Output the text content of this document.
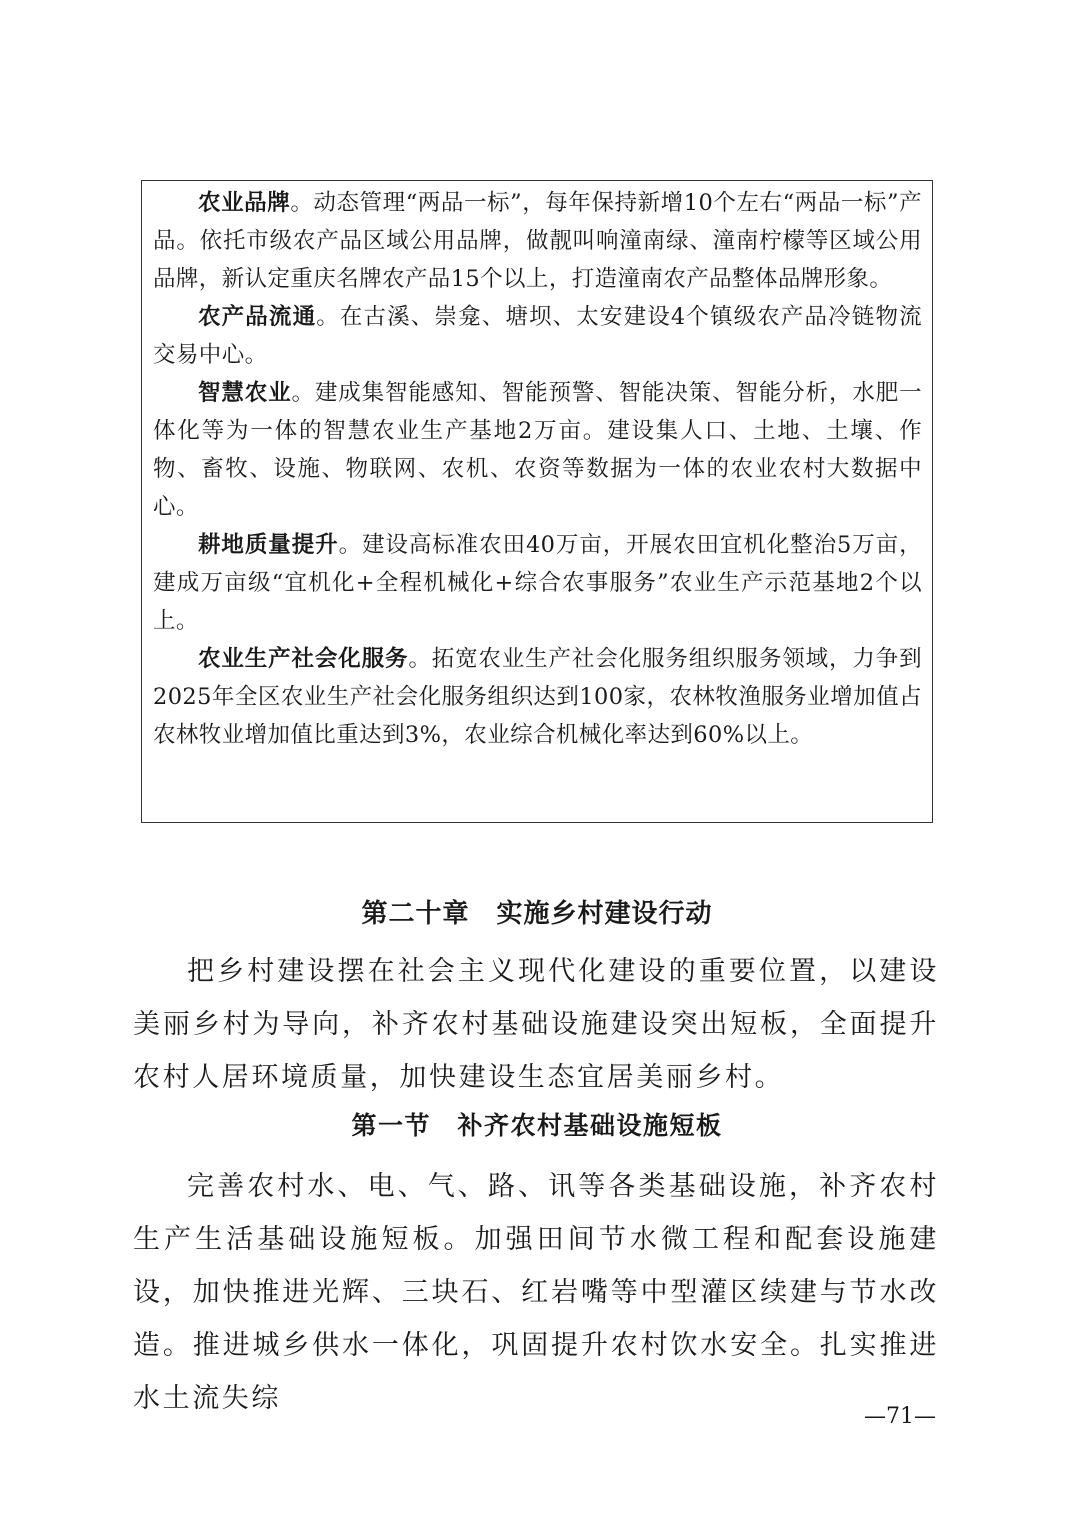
农业品牌。动态管理“两品一标”，每年保持新增10个左右“两品一标”产品。依托市级农产品区域公用品牌，做靓叫响潼南绿、潼南柠檬等区域公用品牌，新认定重庆名牌农产品15个以上，打造潼南农产品整体品牌形象。

农产品流通。在古溪、崇龛、塘坝、太安建设4个镇级农产品冷链物流交易中心。

智慧农业。建成集智能感知、智能预警、智能决策、智能分析，水肥一体化等为一体的智慧农业生产基地2万亩。建设集人口、土地、土壤、作物、畜牧、设施、物联网、农机、农资等数据为一体的农业农村大数据中心。

耕地质量提升。建设高标准农田40万亩，开展农田宜机化整治5万亩，建成万亩级“宜机化+全程机械化+综合农事服务”农业生产示范基地2个以上。

农业生产社会化服务。拓宽农业生产社会化服务组织服务领域，力争到2025年全区农业生产社会化服务组织达到100家，农林牧渔服务业增加值占农林牧业增加值比重达到3%，农业综合机械化率达到60%以上。

第二十章　实施乡村建设行动

把乡村建设摆在社会主义现代化建设的重要位置，以建设美丽乡村为导向，补齐农村基础设施建设突出短板，全面提升农村人居环境质量，加快建设生态宜居美丽乡村。

第一节　补齐农村基础设施短板

完善农村水、电、气、路、讯等各类基础设施，补齐农村生产生活基础设施短板。加强田间节水微工程和配套设施建设，加快推进光辉、三块石、红岩嘴等中型灌区续建与节水改造。推进城乡供水一体化，巩固提升农村饮水安全。扎实推进水土流失综

—71—
